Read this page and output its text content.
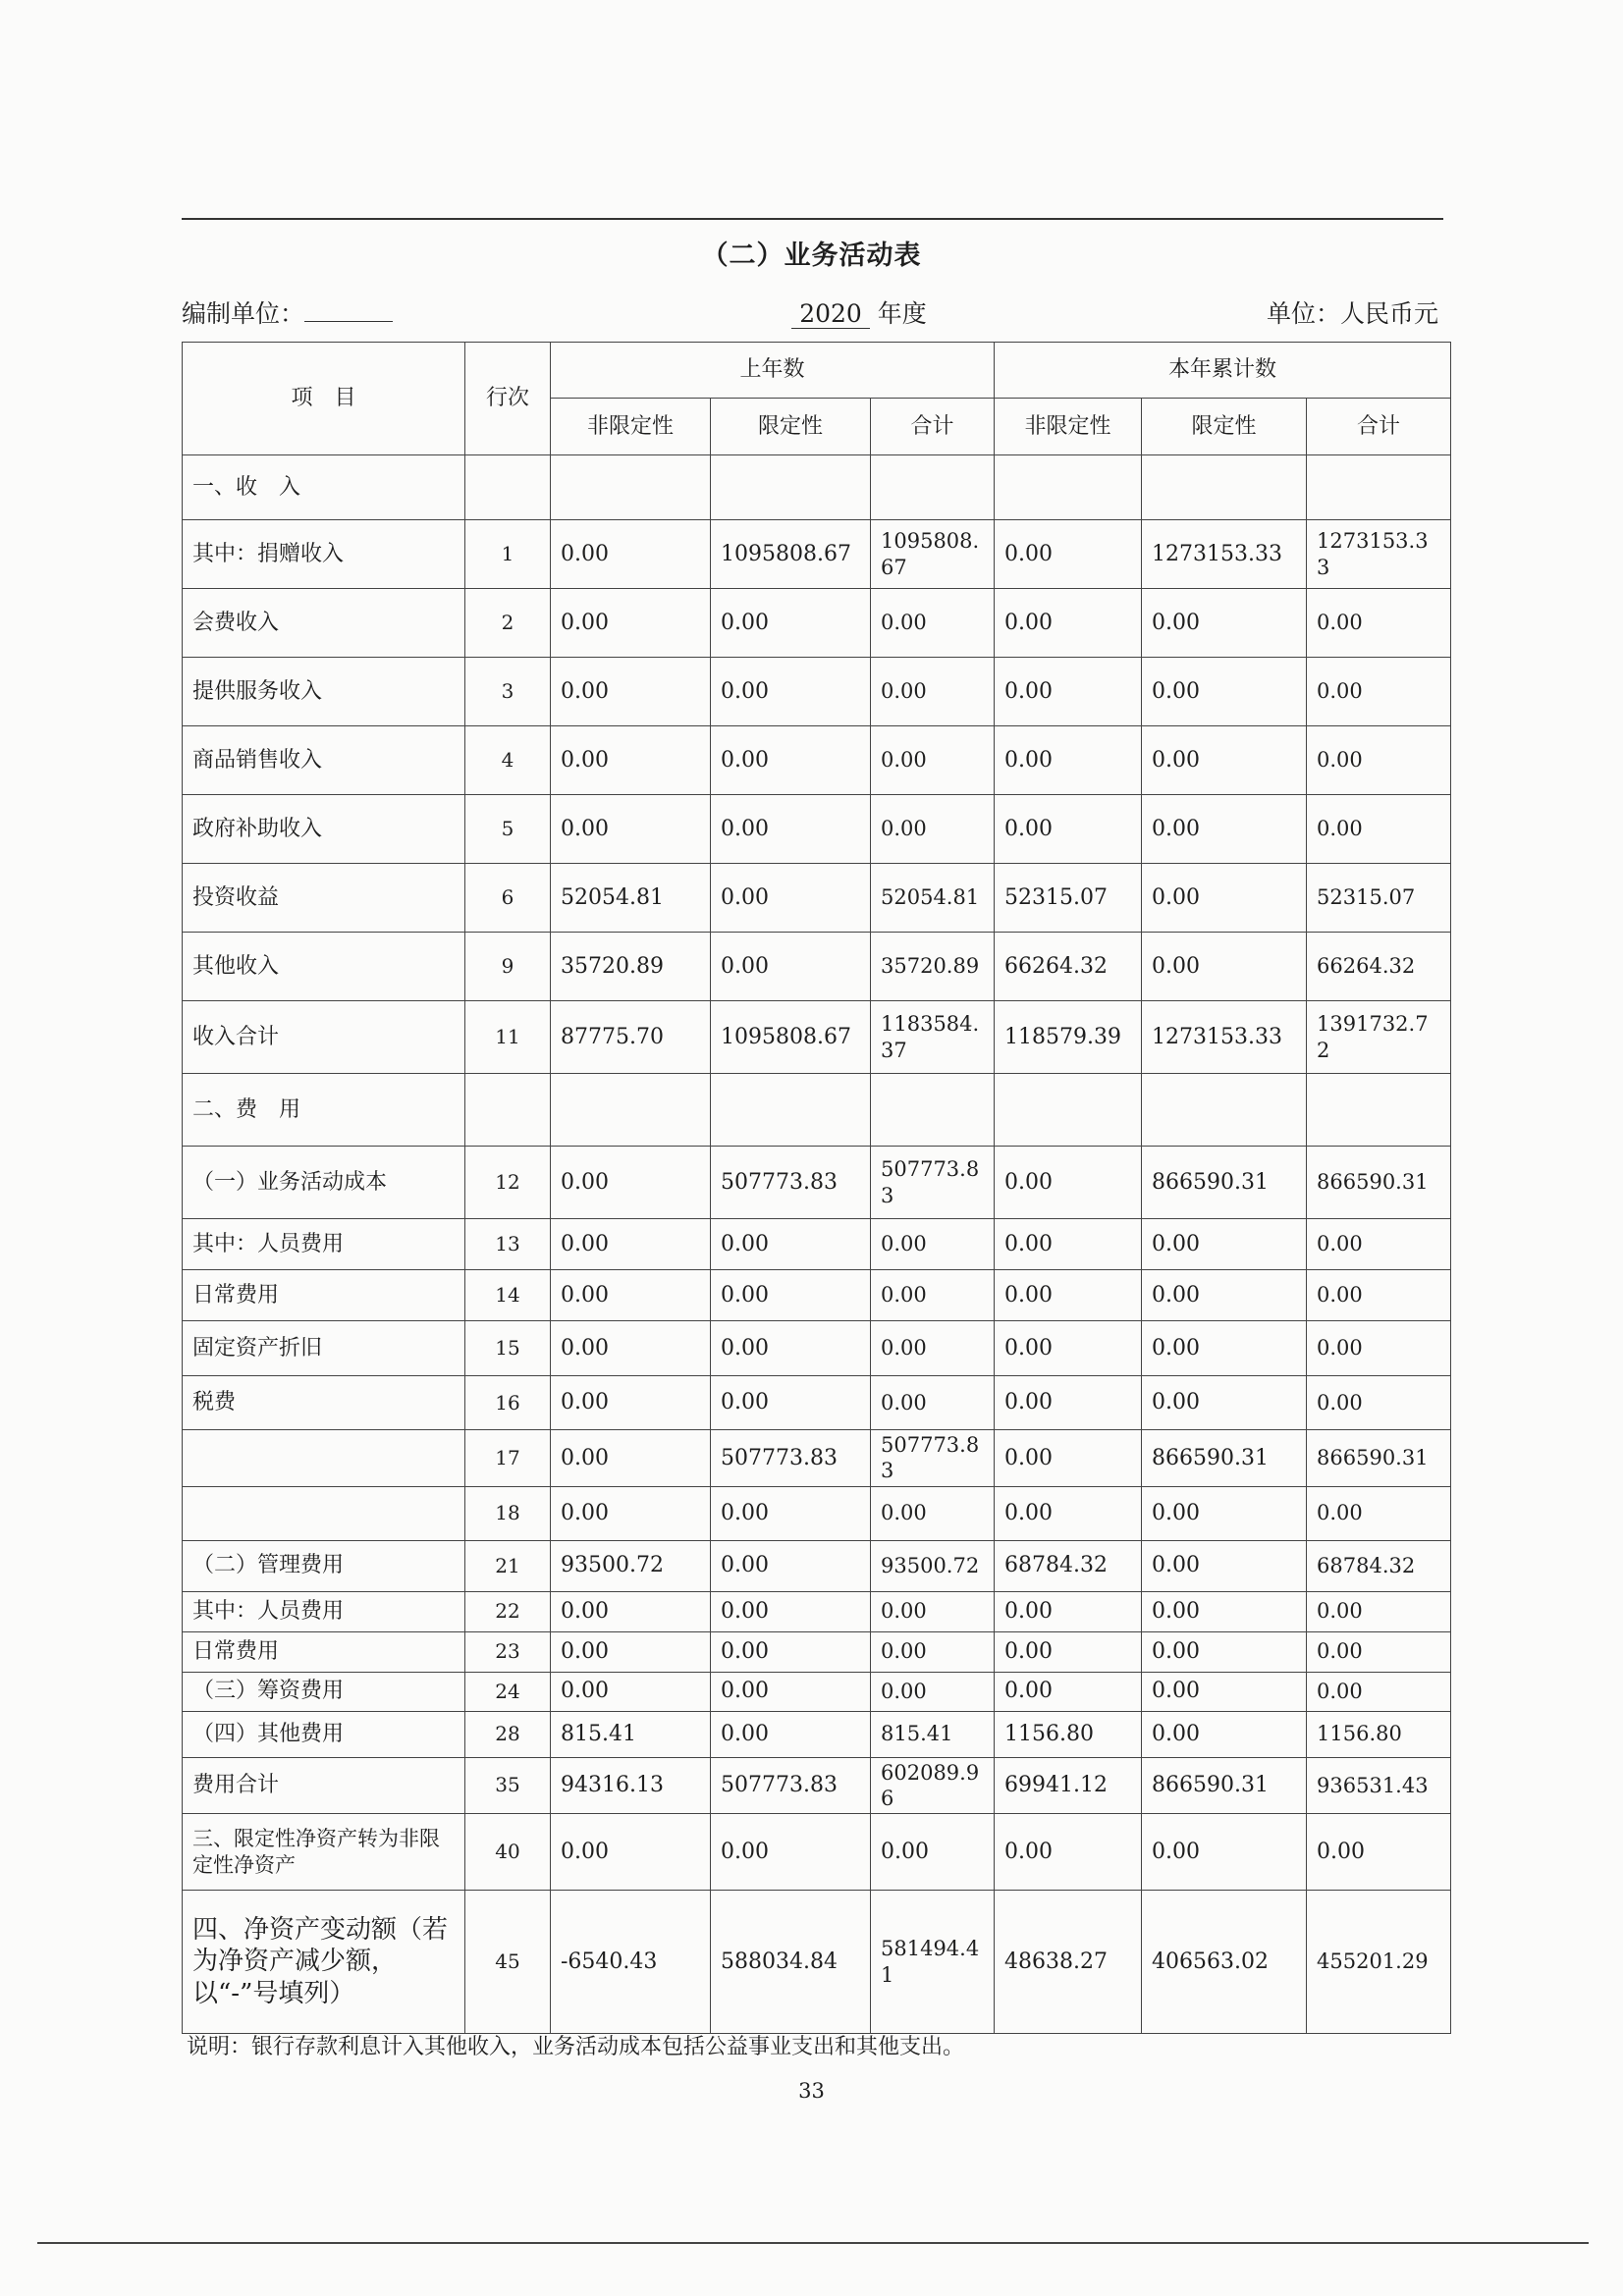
（二）业务活动表
编制单位：	2020 年度	单位：人民币元
项　目	行次	上年数			本年累计数		
		非限定性	限定性	合计	非限定性	限定性	合计
一、收　入							
其中：捐赠收入	1	0.00	1095808.67	1095808.67	0.00	1273153.33	1273153.33
会费收入	2	0.00	0.00	0.00	0.00	0.00	0.00
提供服务收入	3	0.00	0.00	0.00	0.00	0.00	0.00
商品销售收入	4	0.00	0.00	0.00	0.00	0.00	0.00
政府补助收入	5	0.00	0.00	0.00	0.00	0.00	0.00
投资收益	6	52054.81	0.00	52054.81	52315.07	0.00	52315.07
其他收入	9	35720.89	0.00	35720.89	66264.32	0.00	66264.32
收入合计	11	87775.70	1095808.67	1183584.37	118579.39	1273153.33	1391732.72
二、费　用							
（一）业务活动成本	12	0.00	507773.83	507773.83	0.00	866590.31	866590.31
其中：人员费用	13	0.00	0.00	0.00	0.00	0.00	0.00
日常费用	14	0.00	0.00	0.00	0.00	0.00	0.00
固定资产折旧	15	0.00	0.00	0.00	0.00	0.00	0.00
税费	16	0.00	0.00	0.00	0.00	0.00	0.00
	17	0.00	507773.83	507773.83	0.00	866590.31	866590.31
	18	0.00	0.00	0.00	0.00	0.00	0.00
（二）管理费用	21	93500.72	0.00	93500.72	68784.32	0.00	68784.32
其中：人员费用	22	0.00	0.00	0.00	0.00	0.00	0.00
日常费用	23	0.00	0.00	0.00	0.00	0.00	0.00
（三）筹资费用	24	0.00	0.00	0.00	0.00	0.00	0.00
（四）其他费用	28	815.41	0.00	815.41	1156.80	0.00	1156.80
费用合计	35	94316.13	507773.83	602089.96	69941.12	866590.31	936531.43
三、限定性净资产转为非限定性净资产	40	0.00	0.00	0.00	0.00	0.00	0.00
四、净资产变动额（若为净资产减少额，以“-”号填列）	45	-6540.43	588034.84	581494.41	48638.27	406563.02	455201.29
说明：银行存款利息计入其他收入，业务活动成本包括公益事业支出和其他支出。
33
